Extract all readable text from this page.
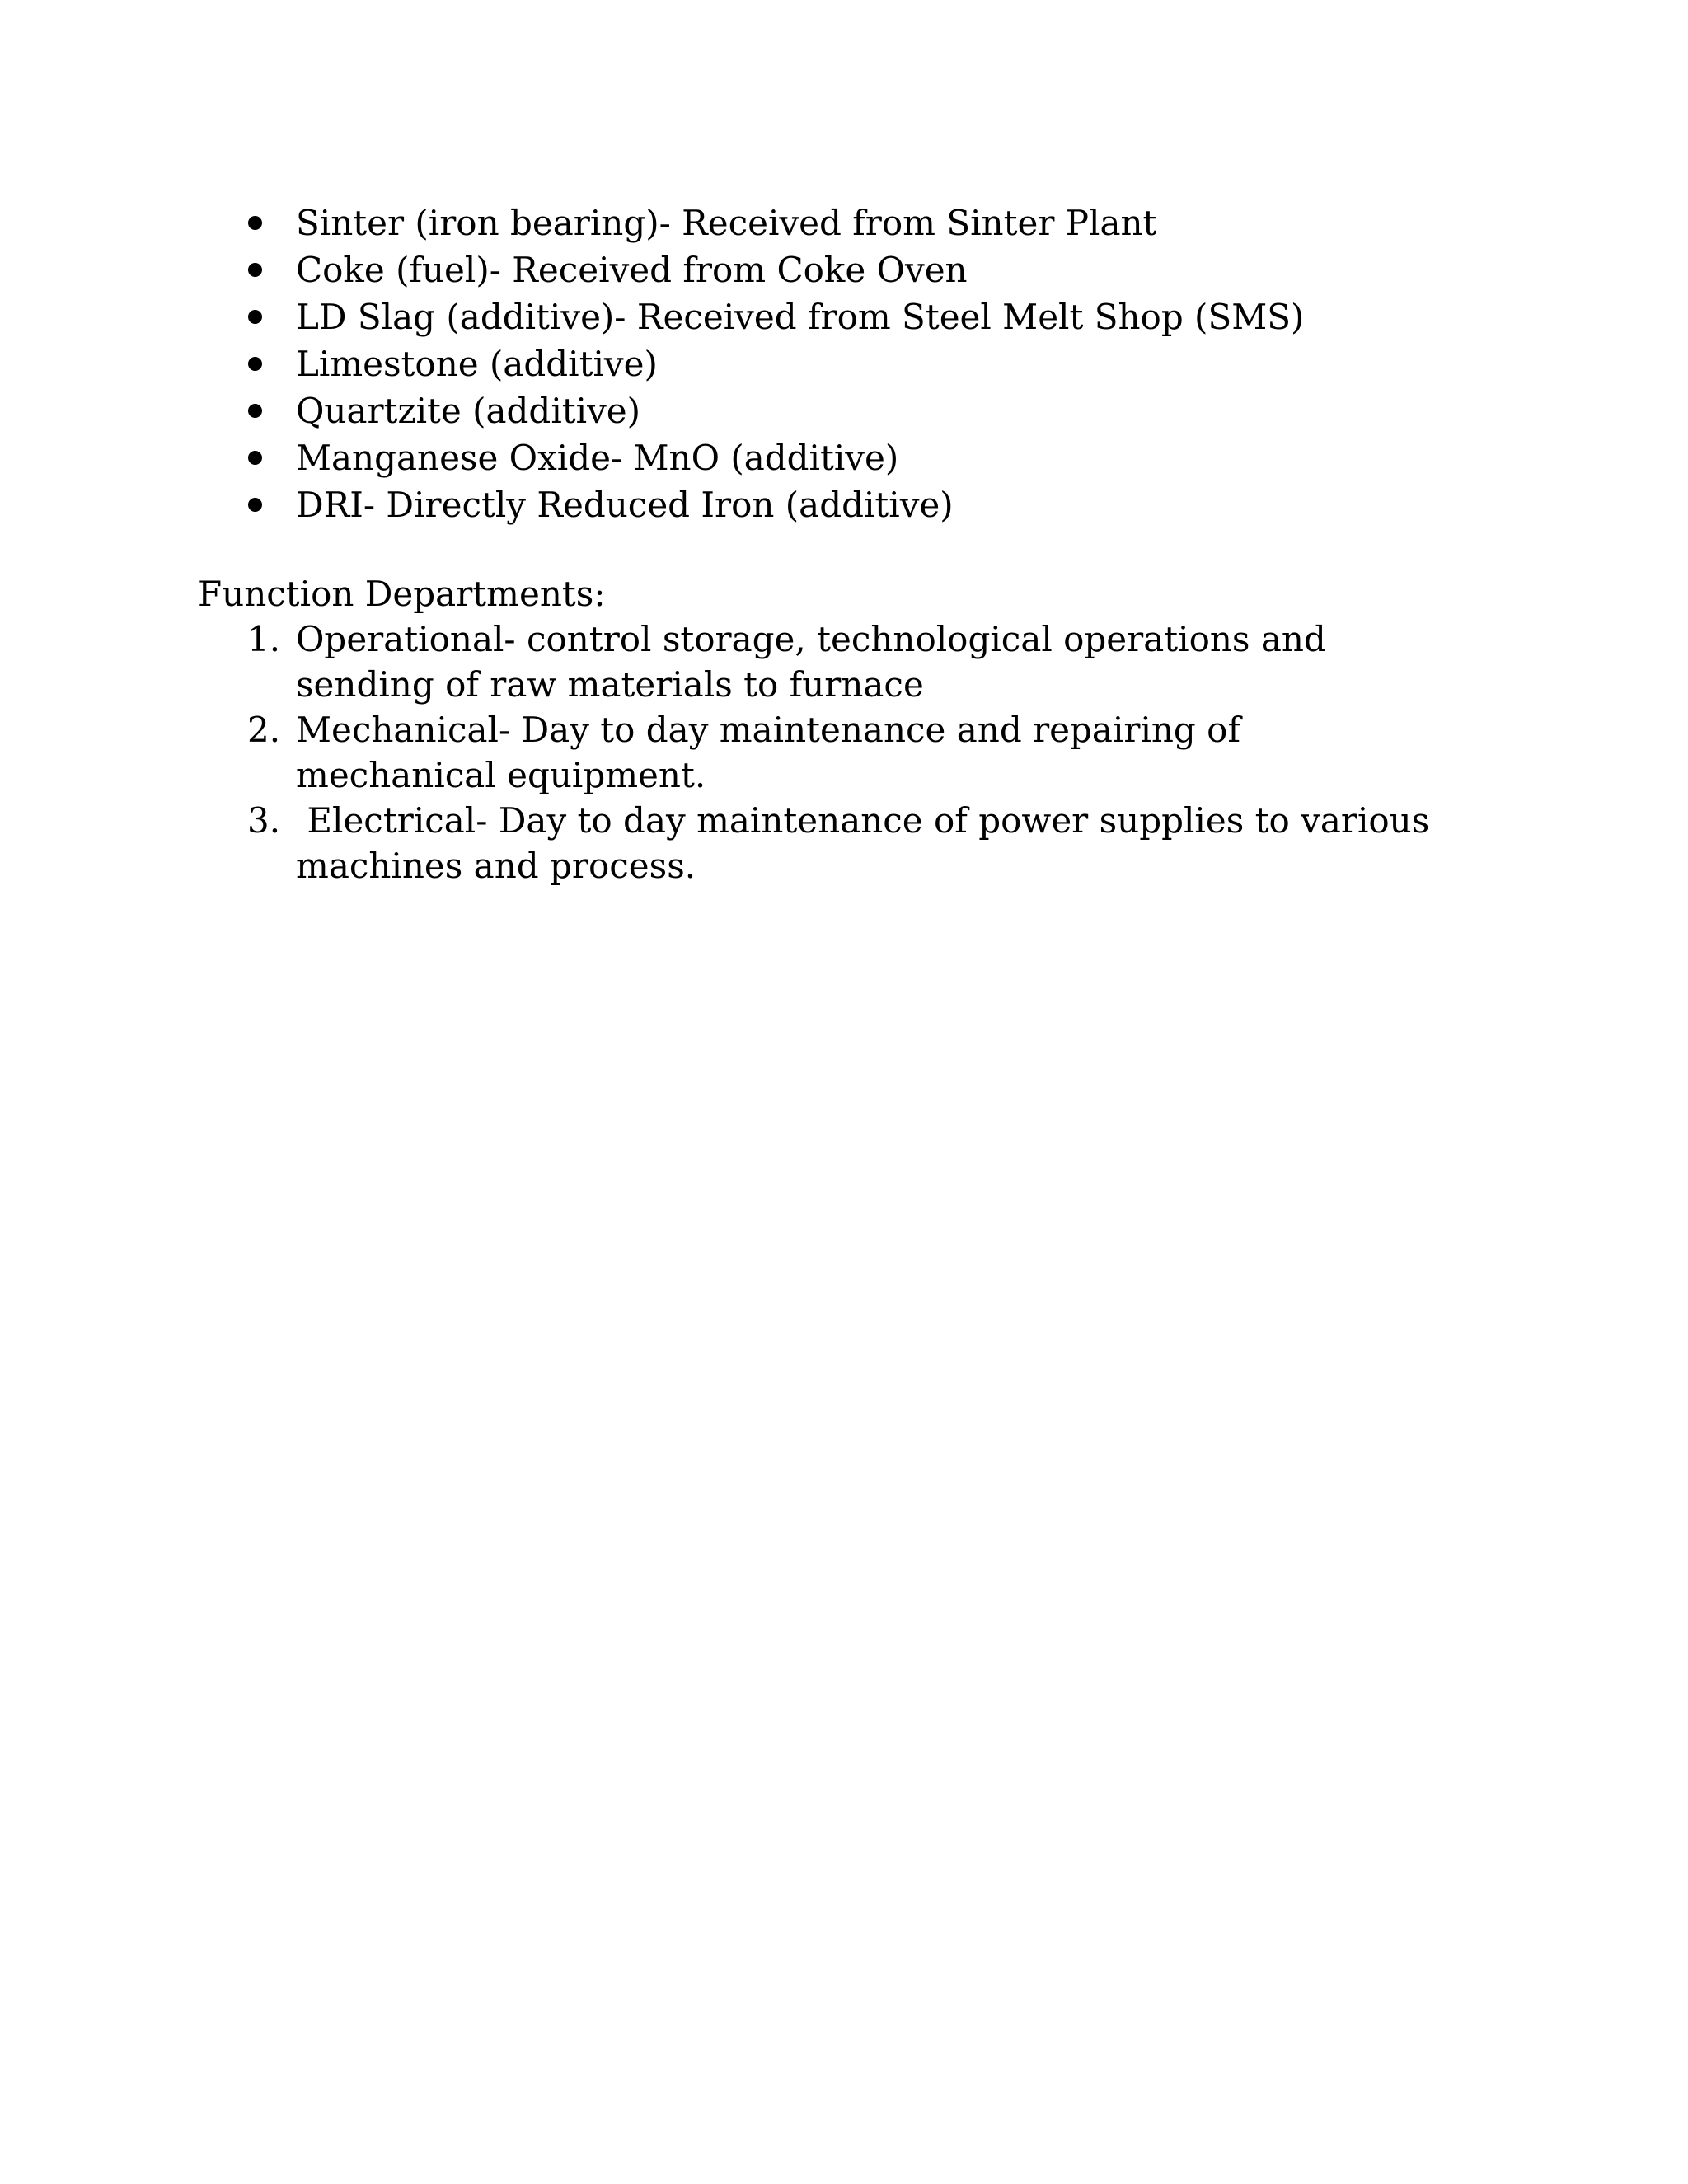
Sinter (iron bearing)- Received from Sinter Plant
Coke (fuel)- Received from Coke Oven
LD Slag (additive)- Received from Steel Melt Shop (SMS)
Limestone (additive)
Quartzite (additive)
Manganese Oxide- MnO (additive)
DRI- Directly Reduced Iron (additive)

Function Departments:

1. Operational- control storage, technological operations and sending of raw materials to furnace
2. Mechanical- Day to day maintenance and repairing of mechanical equipment.
3. Electrical- Day to day maintenance of power supplies to various machines and process.
